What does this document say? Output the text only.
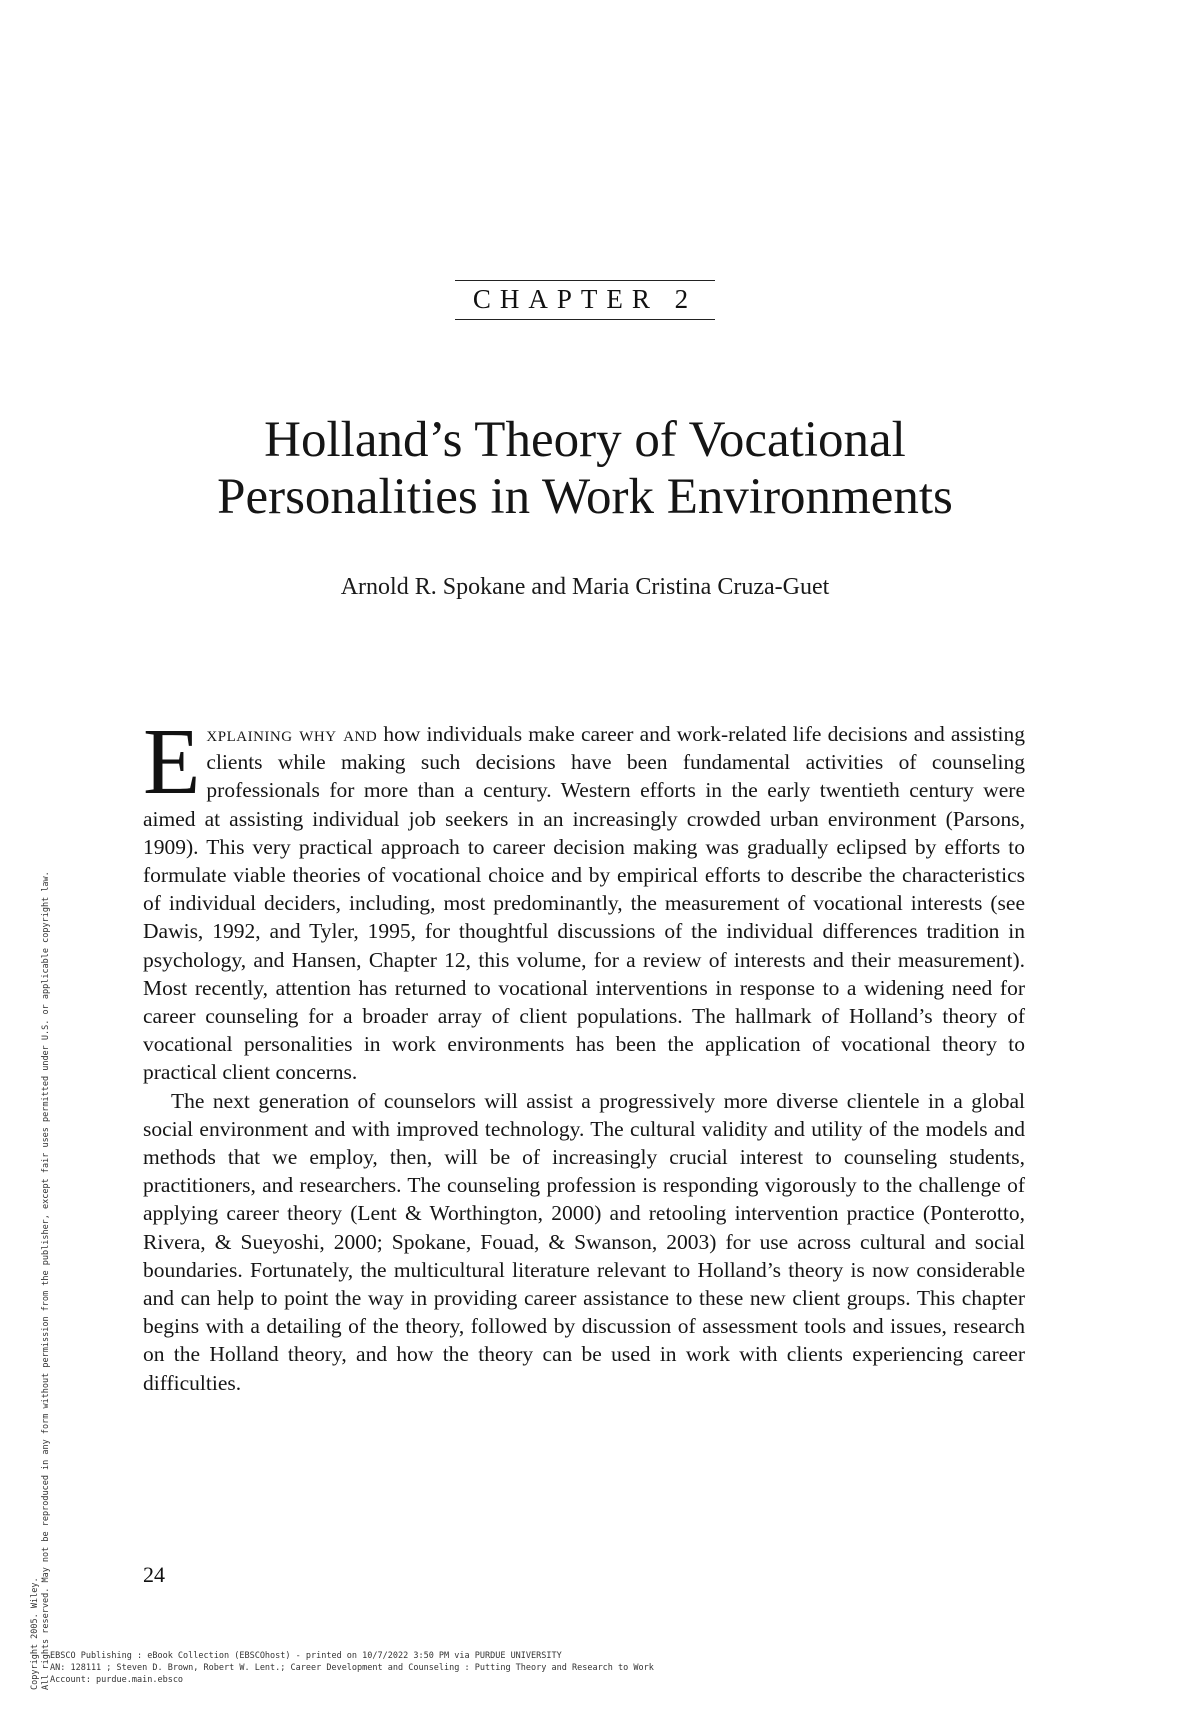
CHAPTER 2
Holland’s Theory of Vocational
Personalities in Work Environments
Arnold R. Spokane and Maria Cristina Cruza-Guet

Explaining why and how individuals make career and work-related life decisions and assisting clients while making such decisions have been fundamental activities of counseling professionals for more than a century. Western efforts in the early twentieth century were aimed at assisting individual job seekers in an increasingly crowded urban environment (Parsons, 1909). This very practical approach to career decision making was gradually eclipsed by efforts to formulate viable theories of vocational choice and by empirical efforts to describe the characteristics of individual deciders, including, most predominantly, the measurement of vocational interests (see Dawis, 1992, and Tyler, 1995, for thoughtful discussions of the individual differences tradition in psychology, and Hansen, Chapter 12, this volume, for a review of interests and their measurement). Most recently, attention has returned to vocational interventions in response to a widening need for career counseling for a broader array of client populations. The hallmark of Holland’s theory of vocational personalities in work environments has been the application of vocational theory to practical client concerns.

The next generation of counselors will assist a progressively more diverse clientele in a global social environment and with improved technology. The cultural validity and utility of the models and methods that we employ, then, will be of increasingly crucial interest to counseling students, practitioners, and researchers. The counseling profession is responding vigorously to the challenge of applying career theory (Lent & Worthington, 2000) and retooling intervention practice (Ponterotto, Rivera, & Sueyoshi, 2000; Spokane, Fouad, & Swanson, 2003) for use across cultural and social boundaries. Fortunately, the multicultural literature relevant to Holland’s theory is now considerable and can help to point the way in providing career assistance to these new client groups. This chapter begins with a detailing of the theory, followed by discussion of assessment tools and issues, research on the Holland theory, and how the theory can be used in work with clients experiencing career difficulties.

24
Copyright 2005. Wiley. All rights reserved. May not be reproduced in any form without permission from the publisher, except fair uses permitted under U.S. or applicable copyright law. EBSCO Publishing : eBook Collection (EBSCOhost) - printed on 10/7/2022 3:50 PM via PURDUE UNIVERSITY
AN: 128111 ; Steven D. Brown, Robert W. Lent.; Career Development and Counseling : Putting Theory and Research to Work
Account: purdue.main.ebsco
